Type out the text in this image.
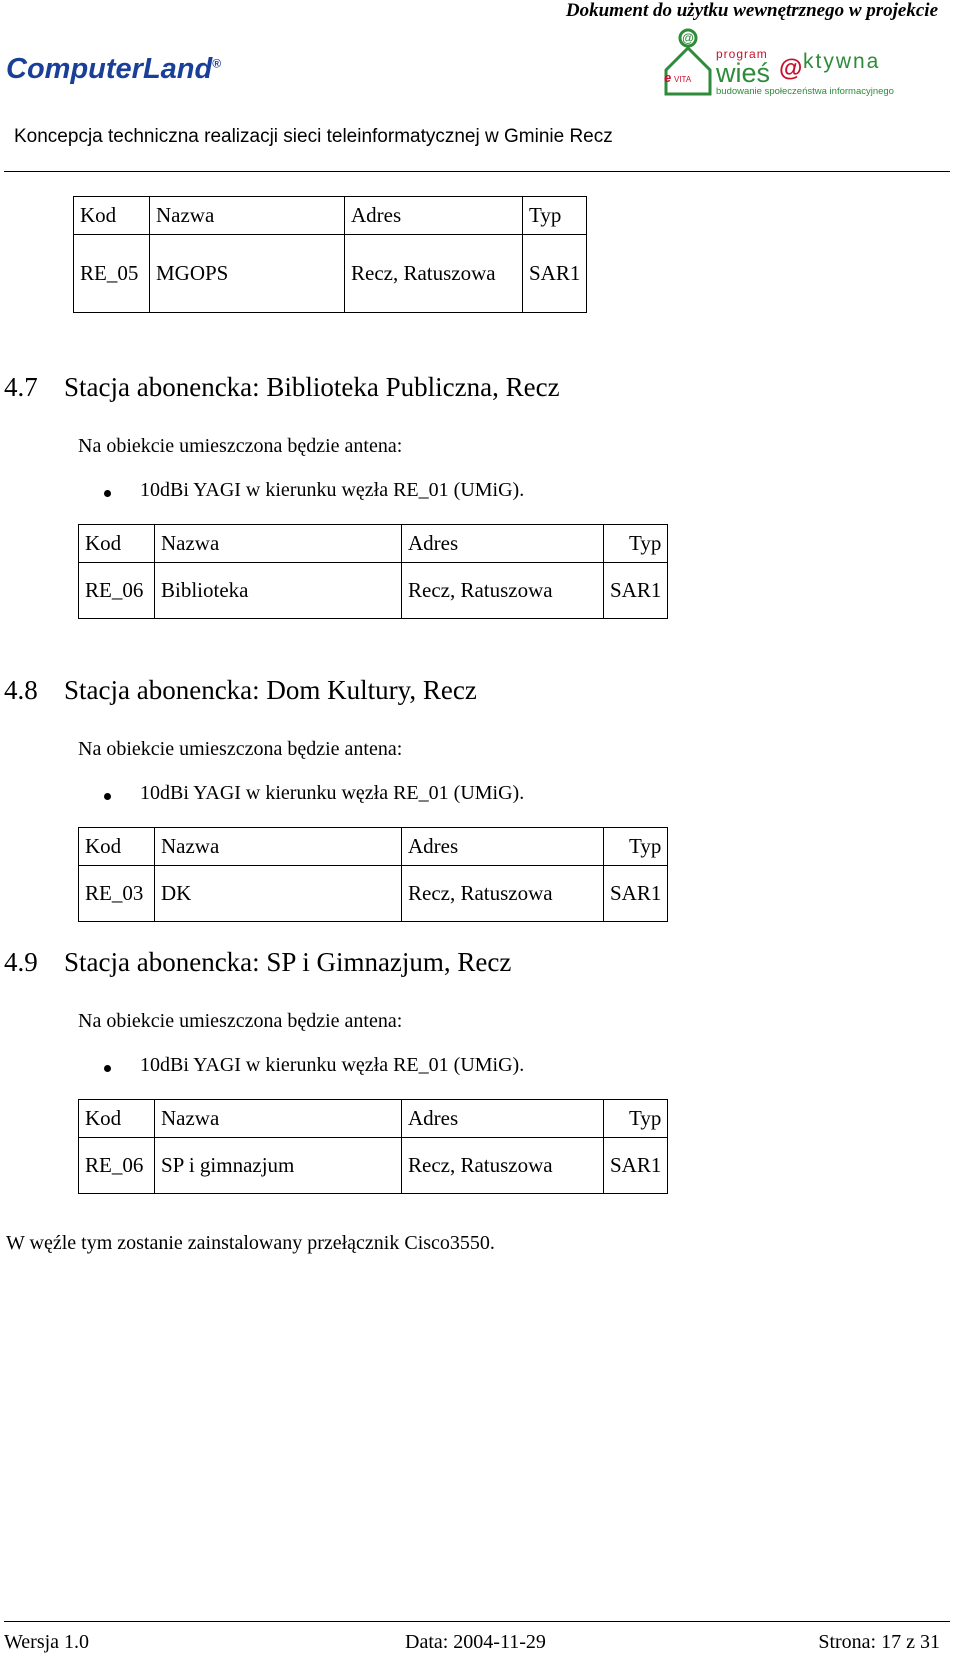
Dokument do użytku wewnętrznego w projekcie
ComputerLand®
@
e VITA
program
wieś @ ktywna
budowanie społeczeństwa informacyjnego
Koncepcja techniczna realizacji sieci teleinformatycznej w Gminie Recz
Kod	Nazwa	Adres	Typ
RE_05	MGOPS	Recz, Ratuszowa	SAR1
4.7 Stacja abonencka: Biblioteka Publiczna, Recz
Na obiekcie umieszczona będzie antena:
10dBi YAGI w kierunku węzła RE_01 (UMiG).
Kod	Nazwa	Adres	Typ
RE_06	Biblioteka	Recz, Ratuszowa	SAR1
4.8 Stacja abonencka: Dom Kultury, Recz
Na obiekcie umieszczona będzie antena:
10dBi YAGI w kierunku węzła RE_01 (UMiG).
Kod	Nazwa	Adres	Typ
RE_03	DK	Recz, Ratuszowa	SAR1
4.9 Stacja abonencka: SP i Gimnazjum, Recz
Na obiekcie umieszczona będzie antena:
10dBi YAGI w kierunku węzła RE_01 (UMiG).
Kod	Nazwa	Adres	Typ
RE_06	SP i gimnazjum	Recz, Ratuszowa	SAR1
W węźle tym zostanie zainstalowany przełącznik Cisco3550.
Wersja 1.0	Data: 2004-11-29	Strona: 17 z 31
